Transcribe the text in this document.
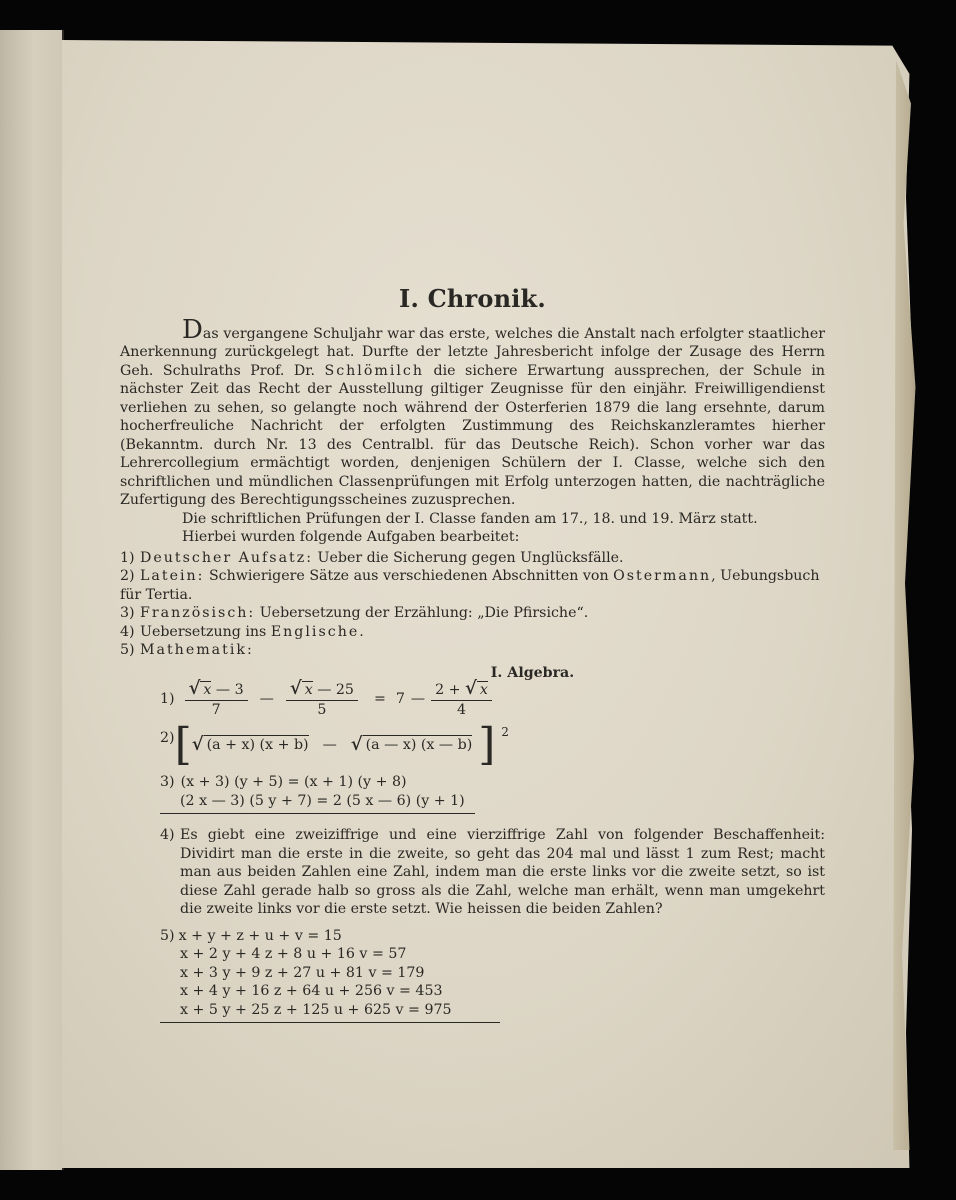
I. Chronik.

Das vergangene Schuljahr war das erste, welches die Anstalt nach erfolgter staatlicher Anerkennung zurückgelegt hat. Durfte der letzte Jahresbericht infolge der Zusage des Herrn Geh. Schulraths Prof. Dr. Schlömilch die sichere Erwartung aussprechen, der Schule in nächster Zeit das Recht der Ausstellung giltiger Zeugnisse für den einjähr. Freiwilligendienst verliehen zu sehen, so gelangte noch während der Osterferien 1879 die lang ersehnte, darum hocherfreuliche Nachricht der erfolgten Zustimmung des Reichskanzleramtes hierher (Bekanntm. durch Nr. 13 des Centralbl. für das Deutsche Reich). Schon vorher war das Lehrercollegium ermächtigt worden, denjenigen Schülern der I. Classe, welche sich den schriftlichen und mündlichen Classenprüfungen mit Erfolg unterzogen hatten, die nachträgliche Zufertigung des Berechtigungsscheines zuzusprechen.

Die schriftlichen Prüfungen der I. Classe fanden am 17., 18. und 19. März statt.

Hierbei wurden folgende Aufgaben bearbeitet:

1) Deutscher Aufsatz: Ueber die Sicherung gegen Unglücksfälle.
2) Latein: Schwierigere Sätze aus verschiedenen Abschnitten von Ostermann, Uebungsbuch
für Tertia.
3) Französisch: Uebersetzung der Erzählung: „Die Pfirsiche“.
4) Uebersetzung ins Englische.
5) Mathematik:
I. Algebra.
$1) \frac{√ x — 3}{7}$ — $\frac{√ x — 25}{5} = 7$ — $\frac{2 + √ x}{4}$
2) [ √ (a + x) (x + b) — √ (a — x) (x — b) ] $^2$
3) (x + 3) (y + 5) = (x + 1) (y + 8)
(2 x — 3) (5 y + 7) = 2 (5 x — 6) (y + 1)
4) Es giebt eine zweiziffrige und eine vierziffrige Zahl von folgender Beschaffenheit: Dividirt man die erste in die zweite, so geht das 204 mal und lässt 1 zum Rest; macht man aus beiden Zahlen eine Zahl, indem man die erste links vor die zweite setzt, so ist diese Zahl gerade halb so gross als die Zahl, welche man erhält, wenn man umgekehrt die zweite links vor die erste setzt. Wie heissen die beiden Zahlen?
5) x + y + z + u + v = 15
x + 2 y + 4 z + 8 u + 16 v = 57
x + 3 y + 9 z + 27 u + 81 v = 179
x + 4 y + 16 z + 64 u + 256 v = 453
x + 5 y + 25 z + 125 u + 625 v = 975
